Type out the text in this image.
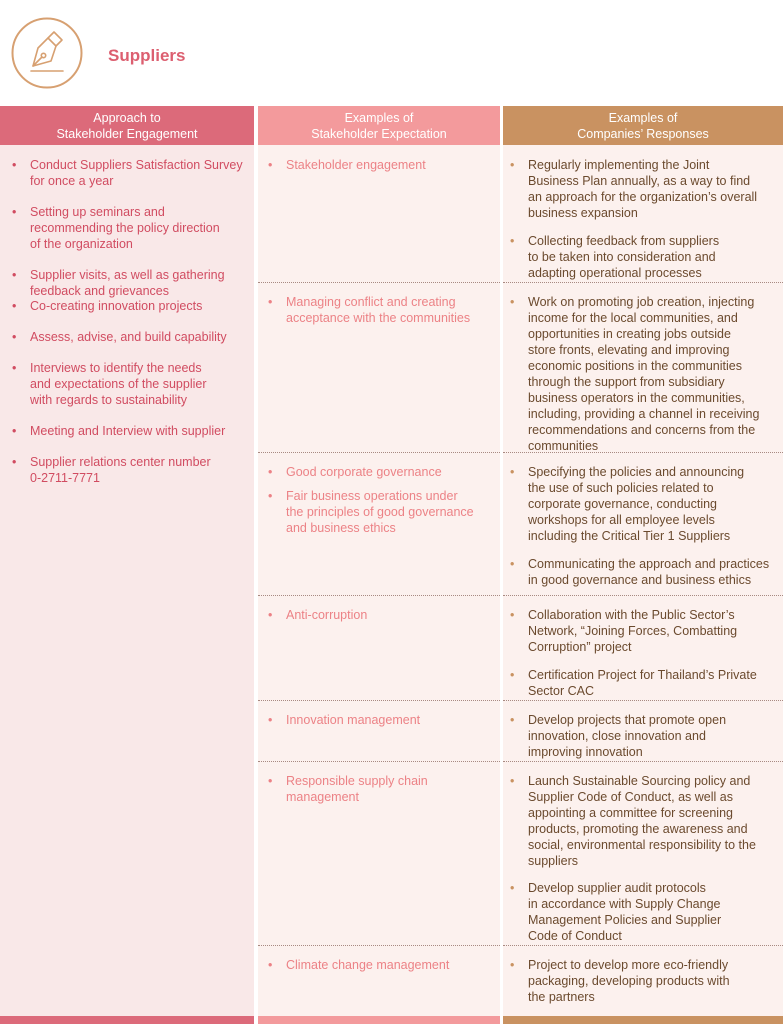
Suppliers
Approach to
Stakeholder Engagement
• Conduct Suppliers Satisfaction Survey
for once a year
• Setting up seminars and
recommending the policy direction
of the organization
• Supplier visits, as well as gathering
feedback and grievances
• Co-creating innovation projects
• Assess, advise, and build capability
• Interviews to identify the needs
and expectations of the supplier
with regards to sustainability
• Meeting and Interview with supplier
• Supplier relations center number
0-2711-7771
Examples of
Stakeholder Expectation
• Stakeholder engagement
• Managing conflict and creating
acceptance with the communities
• Good corporate governance
• Fair business operations under
the principles of good governance
and business ethics
• Anti-corruption
• Innovation management
• Responsible supply chain
management
• Climate change management
Examples of
Companies’ Responses
• Regularly implementing the Joint
Business Plan annually, as a way to find
an approach for the organization’s overall
business expansion
• Collecting feedback from suppliers
to be taken into consideration and
adapting operational processes
• Work on promoting job creation, injecting
income for the local communities, and
opportunities in creating jobs outside
store fronts, elevating and improving
economic positions in the communities
through the support from subsidiary
business operators in the communities,
including, providing a channel in receiving
recommendations and concerns from the
communities
• Specifying the policies and announcing
the use of such policies related to
corporate governance, conducting
workshops for all employee levels
including the Critical Tier 1 Suppliers
• Communicating the approach and practices
in good governance and business ethics
• Collaboration with the Public Sector’s
Network, “Joining Forces, Combatting
Corruption” project
• Certification Project for Thailand’s Private
Sector CAC
• Develop projects that promote open
innovation, close innovation and
improving innovation
• Launch Sustainable Sourcing policy and
Supplier Code of Conduct, as well as
appointing a committee for screening
products, promoting the awareness and
social, environmental responsibility to the
suppliers
• Develop supplier audit protocols
in accordance with Supply Change
Management Policies and Supplier
Code of Conduct
• Project to develop more eco-friendly
packaging, developing products with
the partners
